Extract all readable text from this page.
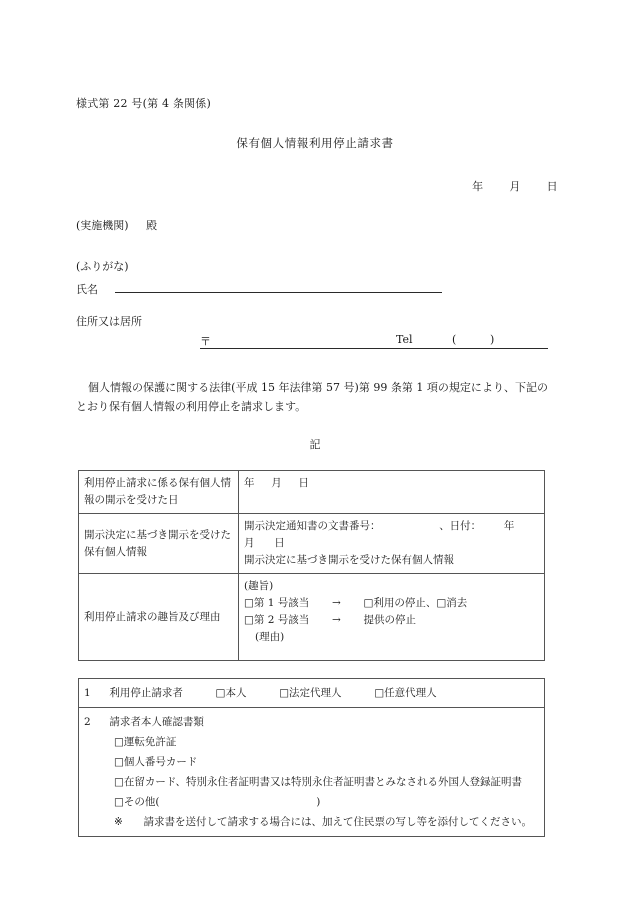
様式第 22 号(第 4 条関係)
保有個人情報利用停止請求書
年 月 日
(実施機関) 殿
(ふりがな)
氏名
住所又は居所
〒	Tel	(	)
個人情報の保護に関する法律(平成 15 年法律第 57 号)第 99 条第 1 項の規定により、下記のとおり保有個人情報の利用停止を請求します。
記
利用停止請求に係る保有個人情報の開示を受けた日	年 月 日
開示決定に基づき開示を受けた保有個人情報	開示決定通知書の文書番号： 、日付： 年  月 日
開示決定に基づき開示を受けた保有個人情報

利用停止請求の趣旨及び理由	(趣旨)
□第 1 号該当 → □利用の停止、□消去
□第 2 号該当 → 提供の停止
(理由)
1 利用停止請求者	□本人	□法定代理人	□任意代理人

2 請求者本人確認書類
□運転免許証
□個人番号カード
□在留カード、特別永住者証明書又は特別永住者証明書とみなされる外国人登録証明書
□その他(	)
※ 請求書を送付して請求する場合には、加えて住民票の写し等を添付してください。
